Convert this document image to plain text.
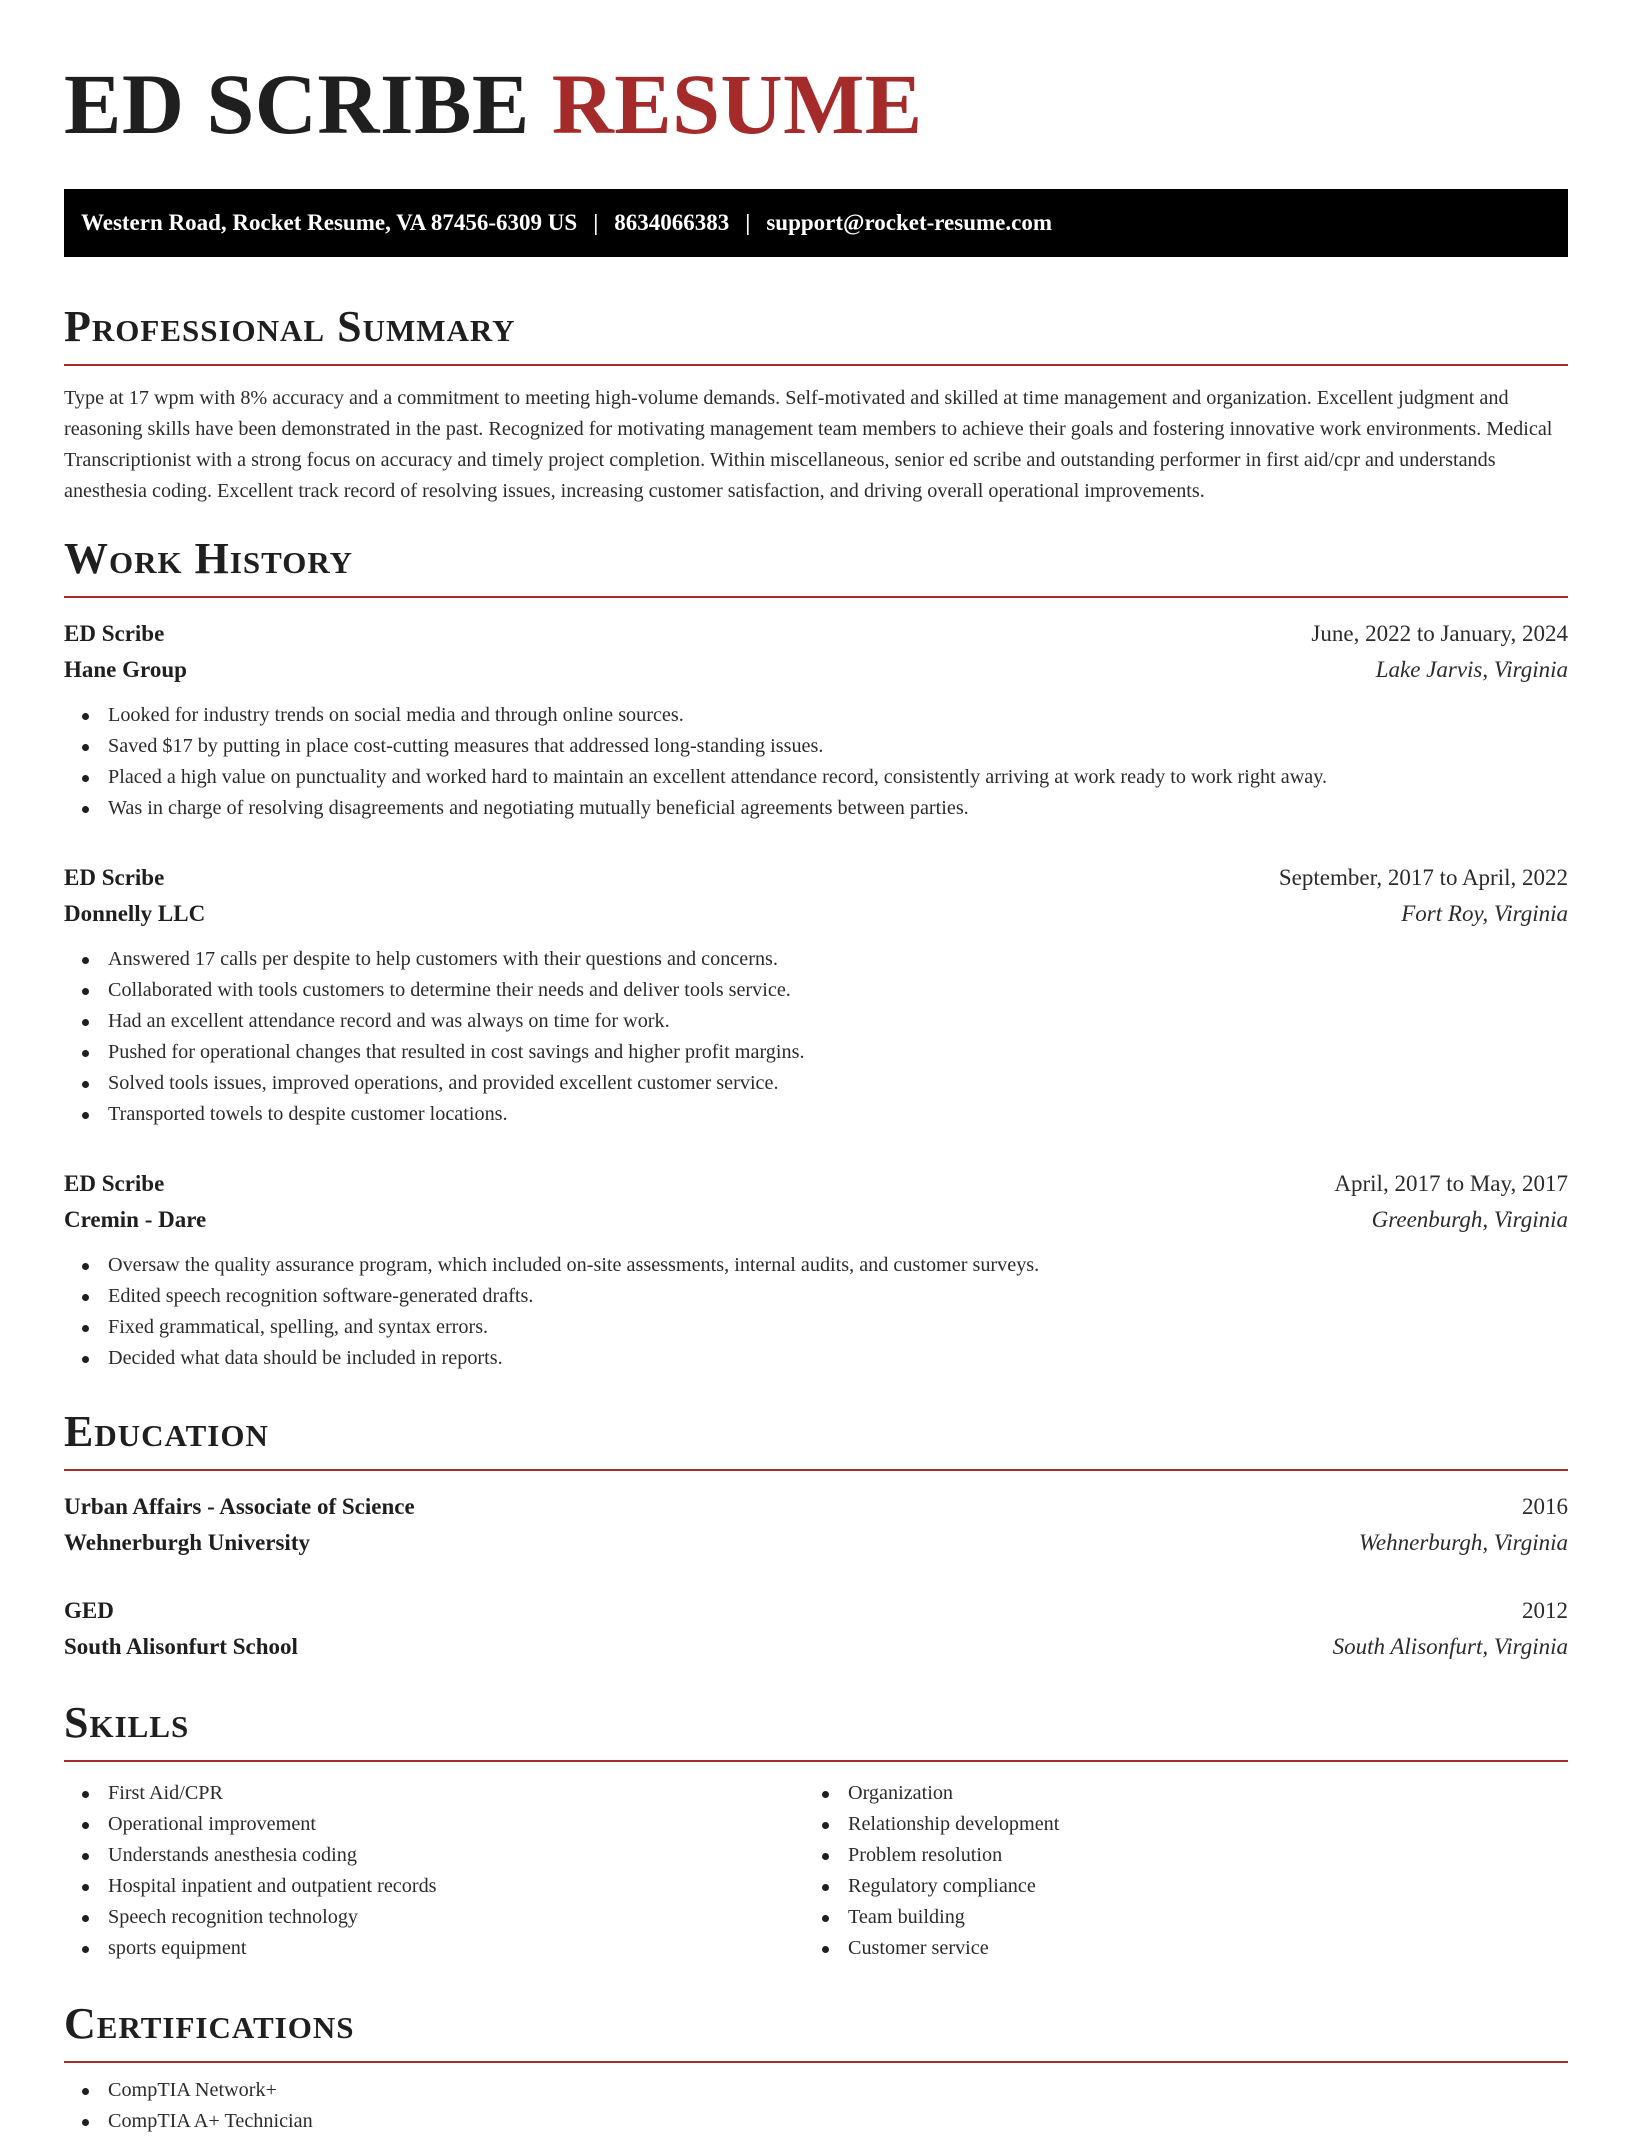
ED SCRIBE RESUME
Western Road, Rocket Resume, VA 87456-6309 US | 8634066383 | support@rocket-resume.com
Professional Summary

Type at 17 wpm with 8% accuracy and a commitment to meeting high-volume demands. Self-motivated and skilled at time management and organization. Excellent judgment and reasoning skills have been demonstrated in the past. Recognized for motivating management team members to achieve their goals and fostering innovative work environments. Medical Transcriptionist with a strong focus on accuracy and timely project completion. Within miscellaneous, senior ed scribe and outstanding performer in first aid/cpr and understands anesthesia coding. Excellent track record of resolving issues, increasing customer satisfaction, and driving overall operational improvements.

Work History
ED Scribe	June, 2022 to January, 2024
Hane Group	Lake Jarvis, Virginia
Looked for industry trends on social media and through online sources.
Saved $17 by putting in place cost-cutting measures that addressed long-standing issues.
Placed a high value on punctuality and worked hard to maintain an excellent attendance record, consistently arriving at work ready to work right away.
Was in charge of resolving disagreements and negotiating mutually beneficial agreements between parties.
ED Scribe	September, 2017 to April, 2022
Donnelly LLC	Fort Roy, Virginia
Answered 17 calls per despite to help customers with their questions and concerns.
Collaborated with tools customers to determine their needs and deliver tools service.
Had an excellent attendance record and was always on time for work.
Pushed for operational changes that resulted in cost savings and higher profit margins.
Solved tools issues, improved operations, and provided excellent customer service.
Transported towels to despite customer locations.
ED Scribe	April, 2017 to May, 2017
Cremin - Dare	Greenburgh, Virginia
Oversaw the quality assurance program, which included on-site assessments, internal audits, and customer surveys.
Edited speech recognition software-generated drafts.
Fixed grammatical, spelling, and syntax errors.
Decided what data should be included in reports.
Education
Urban Affairs - Associate of Science	2016
Wehnerburgh University	Wehnerburgh, Virginia
GED	2012
South Alisonfurt School	South Alisonfurt, Virginia
Skills
First Aid/CPR
Operational improvement
Understands anesthesia coding
Hospital inpatient and outpatient records
Speech recognition technology
sports equipment
Organization
Relationship development
Problem resolution
Regulatory compliance
Team building
Customer service
Certifications
CompTIA Network+
CompTIA A+ Technician
